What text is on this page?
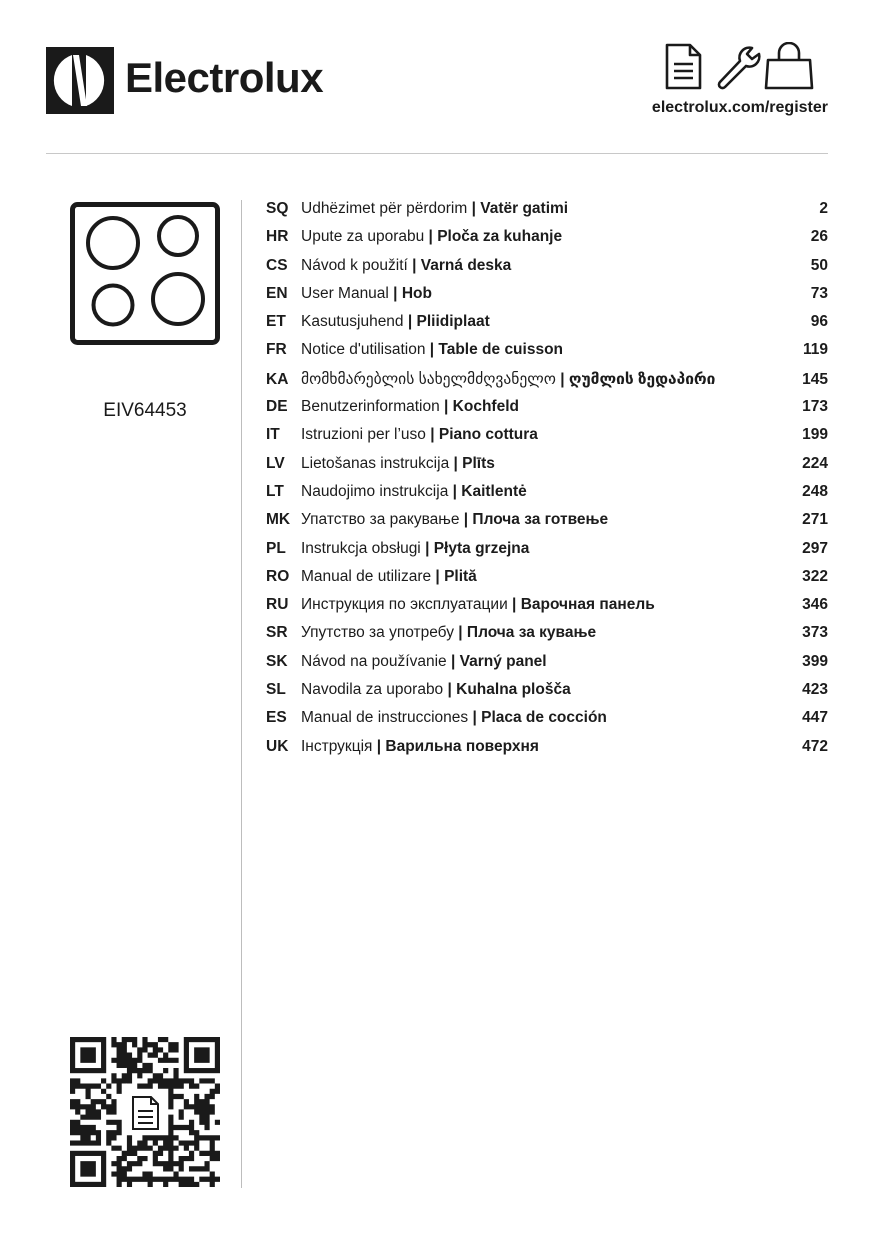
Electrolux
electrolux.com/register
EIV64453
SQ Udhëzimet për përdorim | Vatër gatimi	2
HR Upute za uporabu | Ploča za kuhanje	26
CS Návod k použití | Varná deska	50
EN User Manual | Hob	73
ET Kasutusjuhend | Pliidiplaat	96
FR Notice d'utilisation | Table de cuisson	119
KA მომხმარებლის სახელმძღვანელო | ღუმლის ზედაპირი	145
DE Benutzerinformation | Kochfeld	173
IT	Istruzioni per l’uso | Piano cottura	199
LV	Lietošanas instrukcija | Plīts	224
LT	Naudojimo instrukcija | Kaitlentė	248
MK Упатство за ракување | Плоча за готвење	271
PL Instrukcja obsługi | Płyta grzejna	297
RO Manual de utilizare | Plită	322
RU Инструкция по эксплуатации | Варочная панель	346
SR Упутство за употребу | Плоча за кување	373
SK Návod na používanie | Varný panel	399
SL Navodila za uporabo | Kuhalna plošča	423
ES Manual de instrucciones | Placa de cocción	447
UK Інструкція | Варильна поверхня	472
